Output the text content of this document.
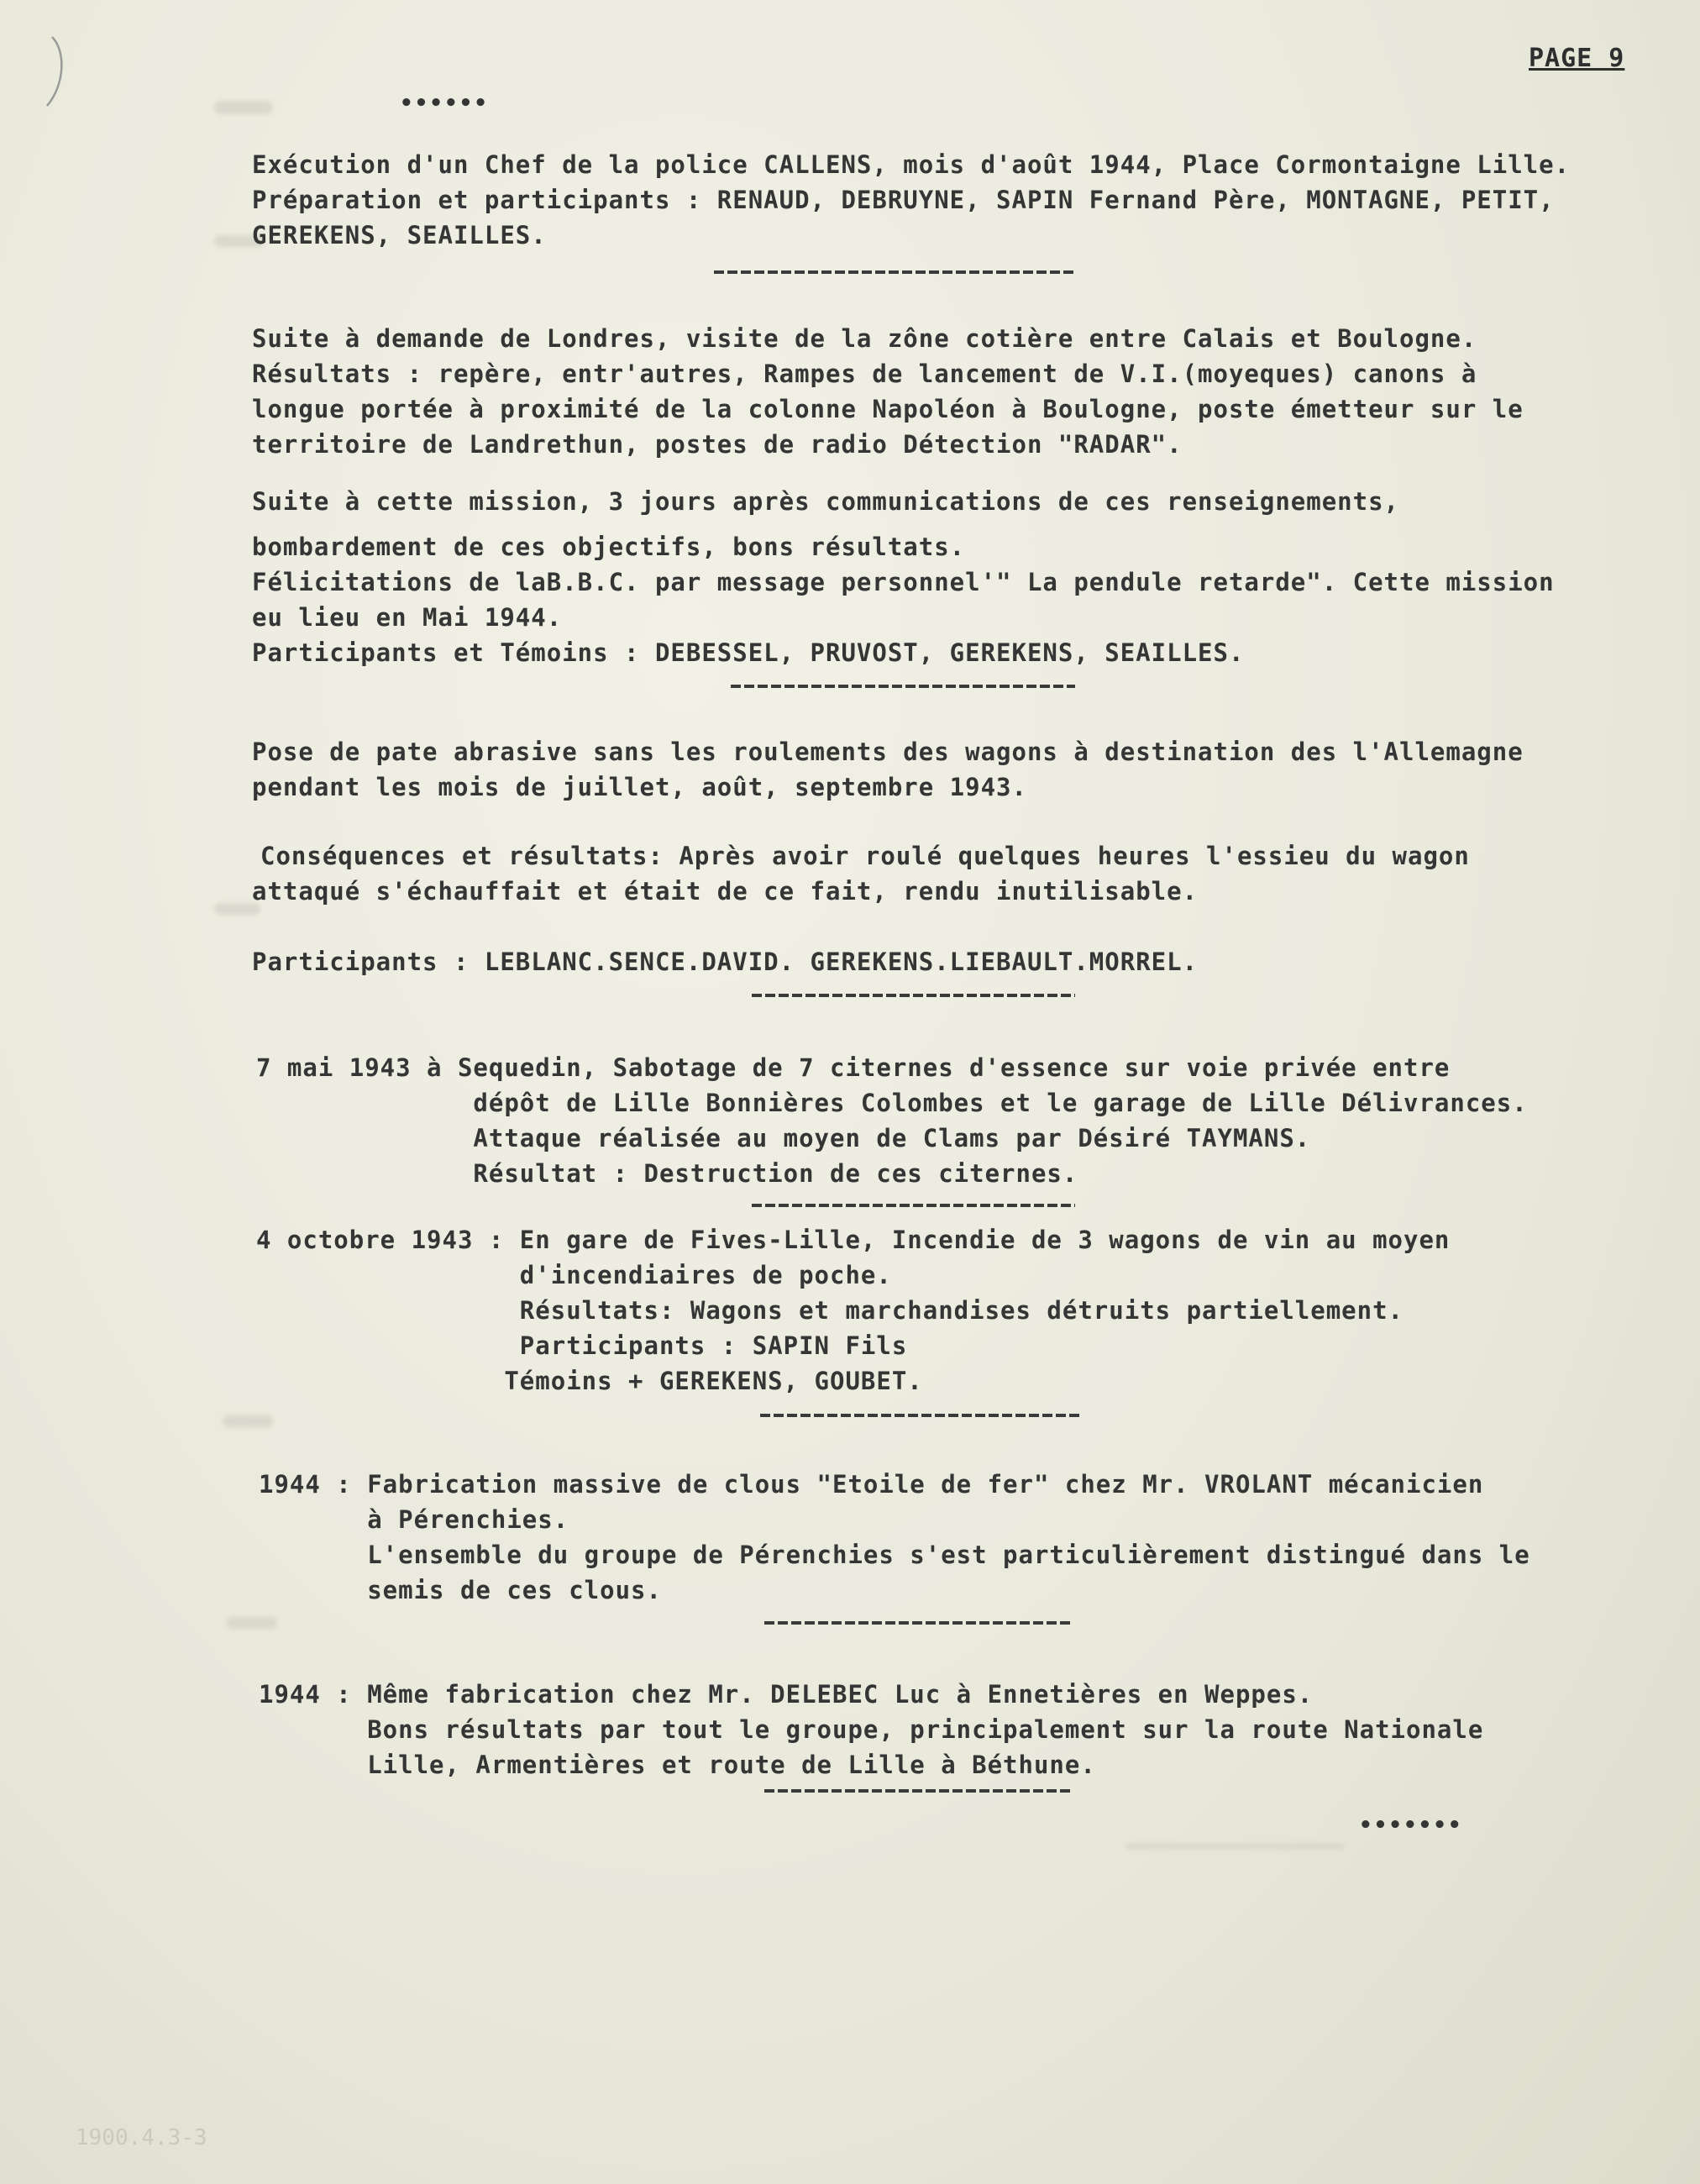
PAGE 9
••••••
Exécution d'un Chef de la police CALLENS, mois d'août 1944, Place Cormontaigne Lille.
Préparation et participants : RENAUD, DEBRUYNE, SAPIN Fernand Père, MONTAGNE, PETIT,
GEREKENS, SEAILLES.
Suite à demande de Londres, visite de la zône cotière entre Calais et Boulogne.
Résultats : repère, entr'autres, Rampes de lancement de V.I.(moyeques) canons à
longue portée à proximité de la colonne Napoléon à Boulogne, poste émetteur sur le
territoire de Landrethun, postes de radio Détection "RADAR".
Suite à cette mission, 3 jours après communications de ces renseignements,
bombardement de ces objectifs, bons résultats.
Félicitations de laB.B.C. par message personnel'" La pendule retarde". Cette mission
eu lieu en Mai 1944.
Participants et Témoins : DEBESSEL, PRUVOST, GEREKENS, SEAILLES.
Pose de pate abrasive sans les roulements des wagons à destination des l'Allemagne
pendant les mois de juillet, août, septembre 1943.
Conséquences et résultats: Après avoir roulé quelques heures l'essieu du wagon
attaqué s'échauffait et était de ce fait, rendu inutilisable.
Participants : LEBLANC.SENCE.DAVID. GEREKENS.LIEBAULT.MORREL.
7 mai 1943 à Sequedin, Sabotage de 7 citernes d'essence sur voie privée entre
dépôt de Lille Bonnières Colombes et le garage de Lille Délivrances.
Attaque réalisée au moyen de Clams par Désiré TAYMANS.
Résultat : Destruction de ces citernes.
4 octobre 1943 : En gare de Fives-Lille, Incendie de 3 wagons de vin au moyen
d'incendiaires de poche.
Résultats: Wagons et marchandises détruits partiellement.
Participants : SAPIN Fils
Témoins + GEREKENS, GOUBET.
1944 : Fabrication massive de clous "Etoile de fer" chez Mr. VROLANT mécanicien
à Pérenchies.
L'ensemble du groupe de Pérenchies s'est particulièrement distingué dans le
semis de ces clous.
1944 : Même fabrication chez Mr. DELEBEC Luc à Ennetières en Weppes.
Bons résultats par tout le groupe, principalement sur la route Nationale
Lille, Armentières et route de Lille à Béthune.
•••••••
1900.4.3-3
